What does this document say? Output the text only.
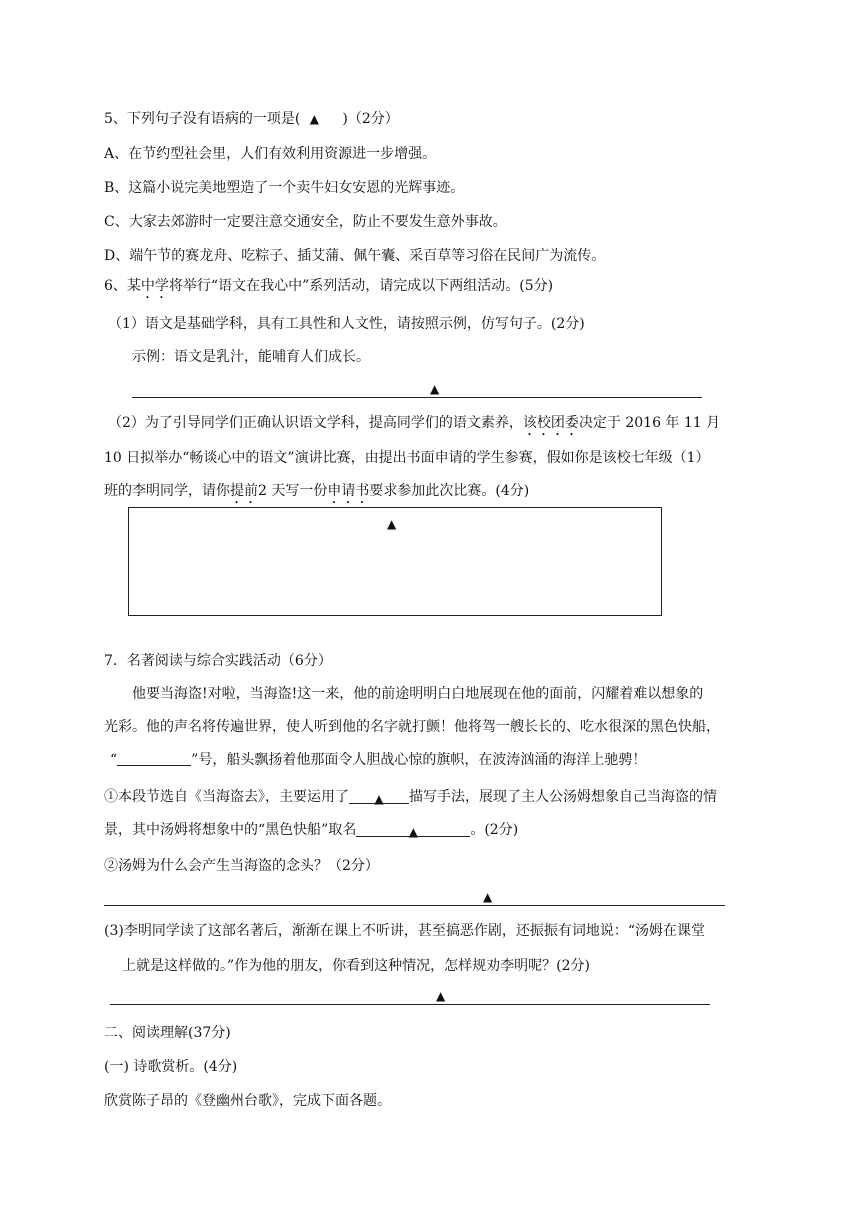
5、下列句子没有语病的一项是( ▲ )（2分）
A、在节约型社会里，人们有效利用资源进一步增强。
B、这篇小说完美地塑造了一个卖牛妇女安恩的光辉事迹。
C、大家去郊游时一定要注意交通安全，防止不要发生意外事故。
D、端午节的赛龙舟、吃粽子、插艾蒲、佩午囊、采百草等习俗在民间广为流传。
6、某中学将举行“语文在我心中”系列活动，请完成以下两组活动。(5分)
（1）语文是基础学科，具有工具性和人文性，请按照示例，仿写句子。(2分)
示例：语文是乳汁，能哺育人们成长。
▲
（2）为了引导同学们正确认识语文学科，提高同学们的语文素养，该校团委决定于 2016 年 11 月
10 日拟举办“畅谈心中的语文”演讲比赛，由提出书面申请的学生参赛，假如你是该校七年级（1）
班的李明同学，请你提前2 天写一份申请书要求参加此次比赛。(4分)
▲
7．名著阅读与综合实践活动（6分）
他要当海盗!对啦，当海盗!这一来，他的前途明明白白地展现在他的面前，闪耀着难以想象的
光彩。他的声名将传遍世界，使人听到他的名字就打颤！他将驾一艘长长的、吃水很深的黑色快船，
“	”号，船头飘扬着他那面令人胆战心惊的旗帜，在波涛汹涌的海洋上驰骋！
①本段节选自《当海盗去》，主要运用了 ▲ 描写手法，展现了主人公汤姆想象自己当海盗的情
景，其中汤姆将想象中的“黑色快船”取名	▲	。(2分)
②汤姆为什么会产生当海盗的念头？（2分）
▲
(3)李明同学读了这部名著后，渐渐在课上不听讲，甚至搞恶作剧，还振振有词地说：“汤姆在课堂
上就是这样做的。”作为他的朋友，你看到这种情况，怎样规劝李明呢？(2分)
▲
二、阅读理解(37分)
(一) 诗歌赏析。(4分)
欣赏陈子昂的《登幽州台歌》，完成下面各题。
